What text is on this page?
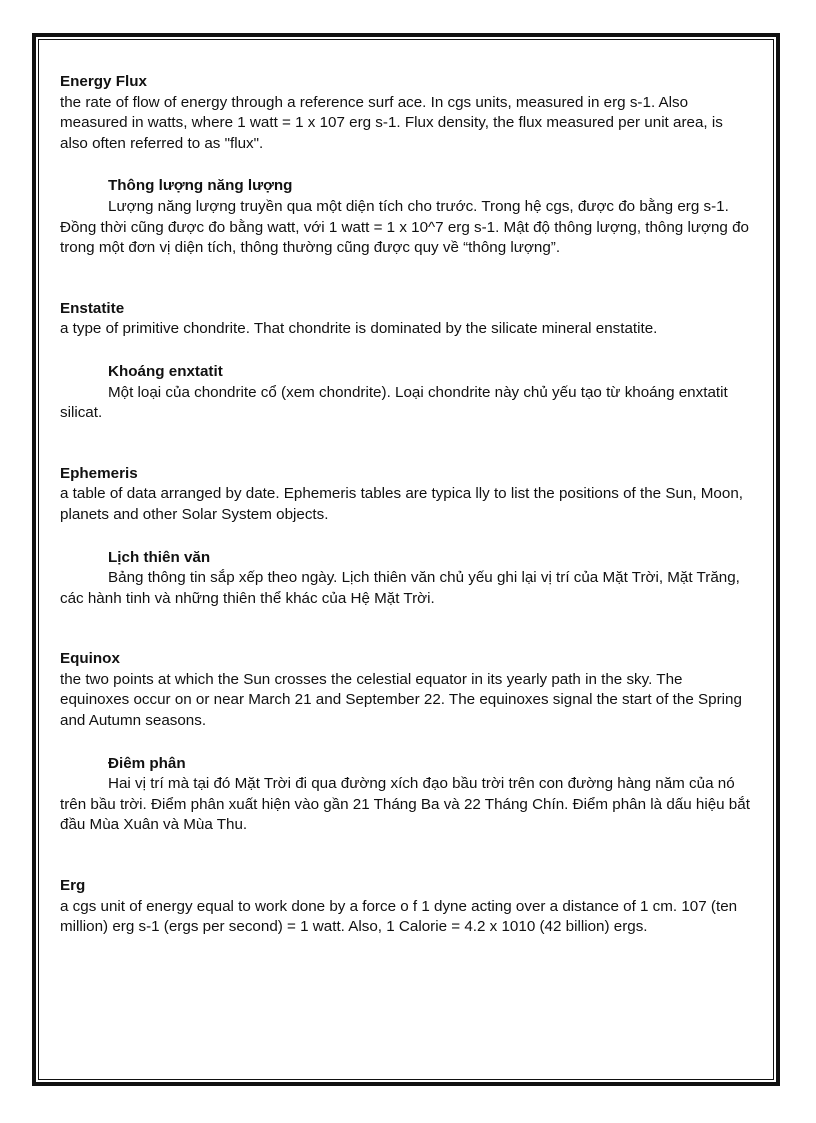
Energy Flux

the rate of flow of energy through a reference surf ace. In cgs units, measured in erg s-1. Also measured in watts, where 1 watt = 1 x 107 erg s-1. Flux density, the flux measured per unit area, is also often referred to as "flux".

Thông lượng năng lượng

Lượng năng lượng truyền qua một diện tích cho trước. Trong hệ cgs, được đo bằng erg s-1. Đồng thời cũng được đo bằng watt, với 1 watt = 1 x 10^7 erg s-1. Mật độ thông lượng, thông lượng đo trong một đơn vị diện tích, thông thường cũng được quy về “thông lượng”.

Enstatite

a type of primitive chondrite. That chondrite is dominated by the silicate mineral enstatite.

Khoáng enxtatit

Một loại của chondrite cổ (xem chondrite). Loại chondrite này chủ yếu tạo từ khoáng enxtatit silicat.

Ephemeris

a table of data arranged by date. Ephemeris tables are typica lly to list the positions of the Sun, Moon, planets and other Solar System objects.

Lịch thiên văn

Bảng thông tin sắp xếp theo ngày. Lịch thiên văn chủ yếu ghi lại vị trí của Mặt Trời, Mặt Trăng, các hành tinh và những thiên thể khác của Hệ Mặt Trời.

Equinox

the two points at which the Sun crosses the celestial equator in its yearly path in the sky. The equinoxes occur on or near March 21 and September 22. The equinoxes signal the start of the Spring and Autumn seasons.

Điêm phân

Hai vị trí mà tại đó Mặt Trời đi qua đường xích đạo bầu trời trên con đường hàng năm của nó trên bầu trời. Điểm phân xuất hiện vào gần 21 Tháng Ba và 22 Tháng Chín. Điểm phân là dấu hiệu bắt đầu Mùa Xuân và Mùa Thu.

Erg

a cgs unit of energy equal to work done by a force o f 1 dyne acting over a distance of 1 cm. 107 (ten million) erg s-1 (ergs per second) = 1 watt. Also, 1 Calorie = 4.2 x 1010 (42 billion) ergs.
